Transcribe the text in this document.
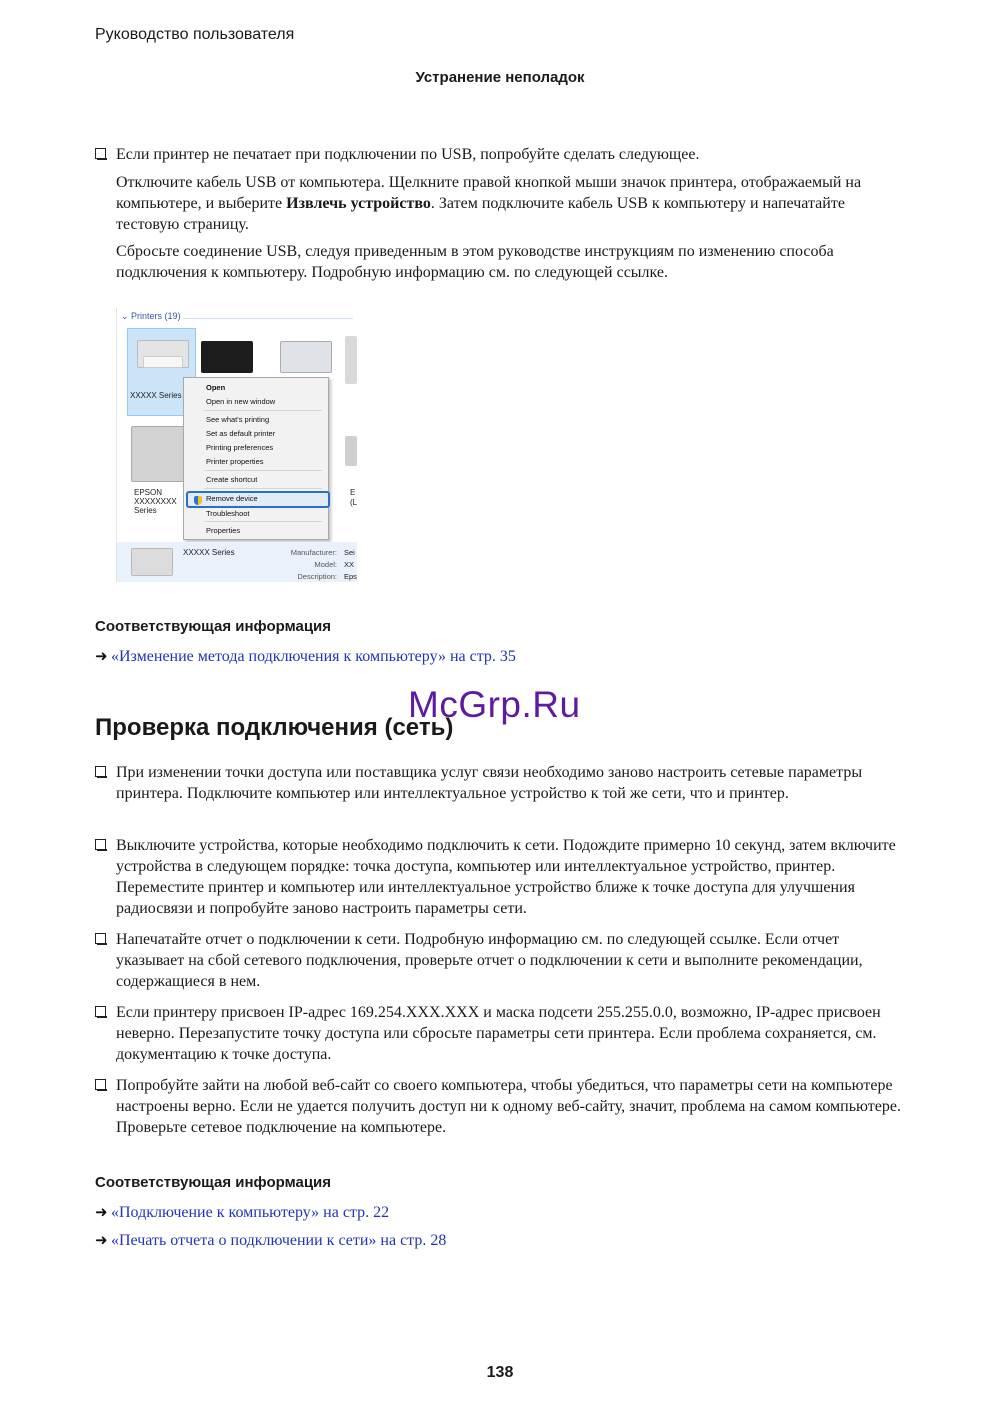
Руководство пользователя
Устранение неполадок
Если принтер не печатает при подключении по USB, попробуйте сделать следующее.
Отключите кабель USB от компьютера. Щелкните правой кнопкой мыши значок принтера, отображаемый на компьютере, и выберите Извлечь устройство. Затем подключите кабель USB к компьютеру и напечатайте тестовую страницу.
Сбросьте соединение USB, следуя приведенным в этом руководстве инструкциям по изменению способа подключения к компьютеру. Подробную информацию см. по следующей ссылке.
⌄ Printers (19)
XXXXX Series
EPSON
XXXXXXXX
Series
E
(L
Open
Open in new window
See what's printing
Set as default printer
Printing preferences
Printer properties
Create shortcut
Remove device
Troubleshoot
Properties
XXXXX Series	Manufacturer: Sei
Model: XX
Description: Eps
Соответствующая информация
➜ «Изменение метода подключения к компьютеру» на стр. 35
Проверка подключения (сеть)
McGrp.Ru
При изменении точки доступа или поставщика услуг связи необходимо заново настроить сетевые параметры принтера. Подключите компьютер или интеллектуальное устройство к той же сети, что и принтер.
Выключите устройства, которые необходимо подключить к сети. Подождите примерно 10 секунд, затем включите устройства в следующем порядке: точка доступа, компьютер или интеллектуальное устройство, принтер. Переместите принтер и компьютер или интеллектуальное устройство ближе к точке доступа для улучшения радиосвязи и попробуйте заново настроить параметры сети.
Напечатайте отчет о подключении к сети. Подробную информацию см. по следующей ссылке. Если отчет указывает на сбой сетевого подключения, проверьте отчет о подключении к сети и выполните рекомендации, содержащиеся в нем.
Если принтеру присвоен IP-адрес 169.254.XXX.XXX и маска подсети 255.255.0.0, возможно, IP-адрес присвоен неверно. Перезапустите точку доступа или сбросьте параметры сети принтера. Если проблема сохраняется, см. документацию к точке доступа.
Попробуйте зайти на любой веб-сайт со своего компьютера, чтобы убедиться, что параметры сети на компьютере настроены верно. Если не удается получить доступ ни к одному веб-сайту, значит, проблема на самом компьютере. Проверьте сетевое подключение на компьютере.
Соответствующая информация
➜ «Подключение к компьютеру» на стр. 22
➜ «Печать отчета о подключении к сети» на стр. 28
138
